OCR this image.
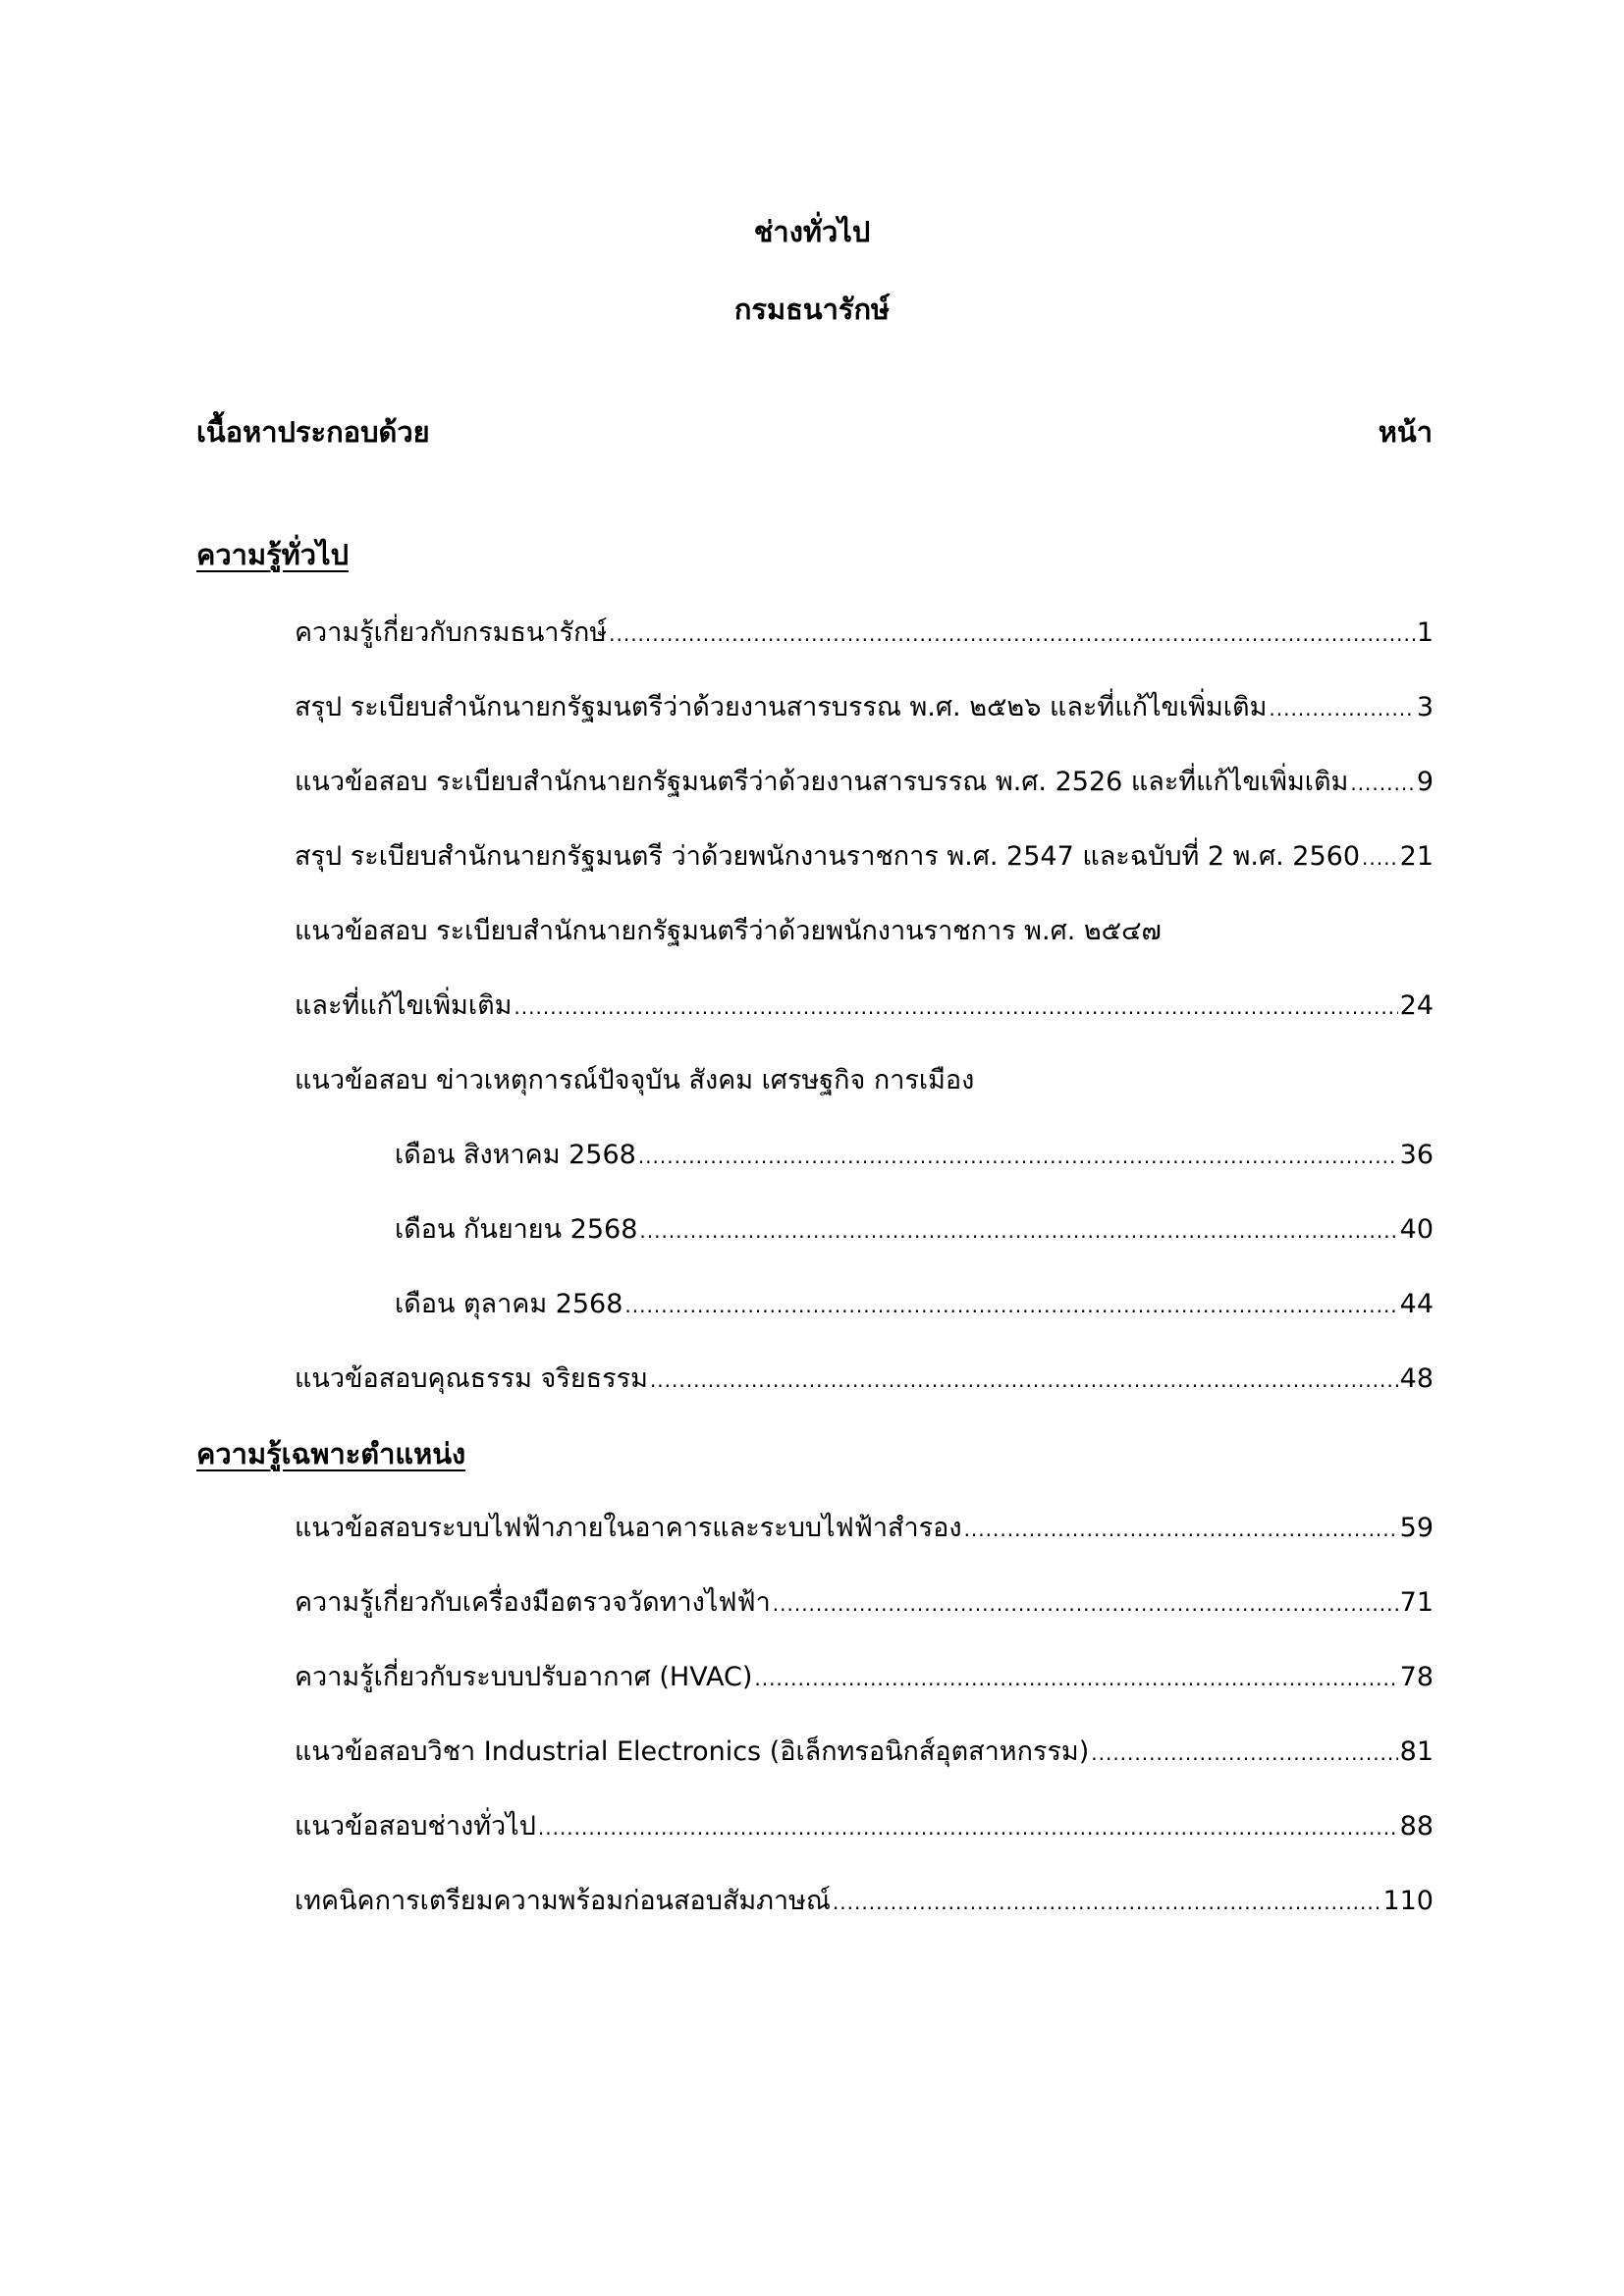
ช่างทั่วไป
กรมธนารักษ์
เนื้อหาประกอบด้วย	หน้า
ความรู้ทั่วไป
ความรู้เกี่ยวกับกรมธนารักษ์ .....	1
สรุป ระเบียบสำนักนายกรัฐมนตรีว่าด้วยงานสารบรรณ พ.ศ. ๒๕๒๖ และที่แก้ไขเพิ่มเติม .....	3
แนวข้อสอบ ระเบียบสำนักนายกรัฐมนตรีว่าด้วยงานสารบรรณ พ.ศ. 2526 และที่แก้ไขเพิ่มเติม .....	9
สรุป ระเบียบสำนักนายกรัฐมนตรี ว่าด้วยพนักงานราชการ พ.ศ. 2547 และฉบับที่ 2 พ.ศ. 2560 ..... 21
แนวข้อสอบ ระเบียบสำนักนายกรัฐมนตรีว่าด้วยพนักงานราชการ พ.ศ. ๒๕๔๗
และที่แก้ไขเพิ่มเติม .....	24
แนวข้อสอบ ข่าวเหตุการณ์ปัจจุบัน สังคม เศรษฐกิจ การเมือง
เดือน สิงหาคม 2568 .....	36
เดือน กันยายน 2568 .....	40
เดือน ตุลาคม 2568 .....	44
แนวข้อสอบคุณธรรม จริยธรรม .....	48
ความรู้เฉพาะตำแหน่ง
แนวข้อสอบระบบไฟฟ้าภายในอาคารและระบบไฟฟ้าสำรอง .....	59
ความรู้เกี่ยวกับเครื่องมือตรวจวัดทางไฟฟ้า .....	71
ความรู้เกี่ยวกับระบบปรับอากาศ (HVAC) .....	78
แนวข้อสอบวิชา Industrial Electronics (อิเล็กทรอนิกส์อุตสาหกรรม) .....	81
แนวข้อสอบช่างทั่วไป .....	88
เทคนิคการเตรียมความพร้อมก่อนสอบสัมภาษณ์ .....	110
